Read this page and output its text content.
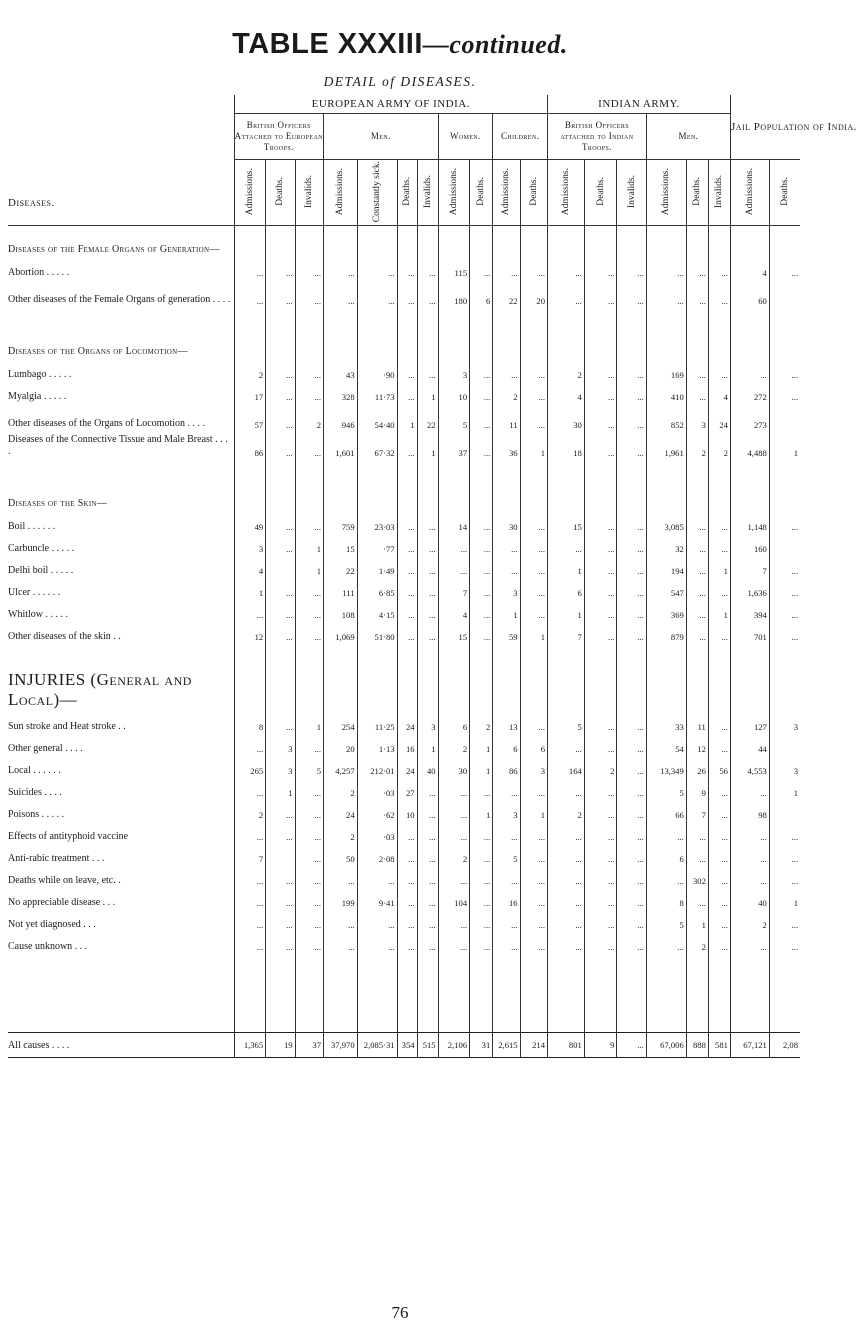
TABLE XXXIII—continued.
DETAIL of DISEASES.
Diseases.	EUROPEAN ARMY OF INDIA.											INDIAN ARMY.						Jail Population of India.	
	British Officers Attached to European Troops.			Men.				Women.		Children.		British Officers attached to Indian Troops.			Men.				
	Admissions.	Deaths.	Invalids.	Admissions.	Constantly sick.	Deaths.	Invalids.	Admissions.	Deaths.	Admissions.	Deaths.	Admissions.	Deaths.	Invalids.	Admissions.	Deaths.	Invalids.	Admissions.	Deaths.
Diseases of the Female Organs of Generation—																			
Abortion . . . . .	...	...	...	...	...	...	...	115	...	...	...	...	...	...	...	...	...	4	...
Other diseases of the Female Organs of generation . . . .	...	...	...	...	...	...	...	180	6	22	20	...	...	...	...	...	...	60	

Diseases of the Organs of Locomotion—																			
Lumbago . . . . .	2	...	...	43	·90	...	...	3	...	...	...	2	...	...	169	...	...	...	...
Myalgia . . . . .	17	...	...	328	11·73	...	1	10	...	2	...	4	...	...	410	...	4	272	...
Other diseases of the Organs of Locomotion . . . .	57	...	2	946	54·40	1	22	5	...	11	...	30	...	...	852	3	24	273	
Diseases of the Connective Tissue and Male Breast . . . .	86	...	...	1,601	67·32	...	1	37	...	36	1	18	...	...	1,961	2	2	4,488	1

Diseases of the Skin—																			
Boil . . . . . .	49	...	...	759	23·03	...	...	14	...	30	...	15	...	...	3,085	...	...	1,148	...
Carbuncle . . . . .	3	...	1	15	·77	...	...	...	...	...	...	...	...	...	32	...	...	160	
Delhi boil . . . . .	4		1	22	1·49	...	...	...	...	...	...	1	...	...	194	...	1	7	...
Ulcer . . . . . .	1	...	...	111	6·85	...	...	7	...	3	...	6	...	...	547	...	...	1,636	...
Whitlow . . . . .	...	...	...	108	4·15	...	...	4	...	1	...	1	...	...	369	...	1	394	...
Other diseases of the skin . .	12	...	...	1,069	51·80	...	...	15	...	59	1	7	...	...	879	...	...	701	...

INJURIES (General and Local)—																			
Sun stroke and Heat stroke . .	8	...	1	254	11·25	24	3	6	2	13	...	5	...	...	33	11	...	127	3
Other general . . . .	...	3	...	20	1·13	16	1	2	1	6	6	...	...	...	54	12	...	44	
Local . . . . . .	265	3	5	4,257	212·01	24	40	30	1	86	3	164	2	...	13,349	26	56	4,553	3
Suicides . . . .	...	1	...	2	·03	27	...	...	...	...	...	...	...	...	5	9	...	...	1
Poisons . . . . .	2	...	...	24	·62	10	...	...	1	3	1	2	...	...	66	7	...	98	
Effects of antityphoid vaccine	...	...	...	2	·03	...	...	...	...	...	...	...	...	...	...	...	...	...	...
Anti-rabic treatment . . .	7		...	50	2·08	...	...	2	...	5	...	...	...	...	6	...	...	...	...
Deaths while on leave, etc. .	...	...	...	...	...	...	...	...	...	...	...	...	...	...	...	302	...	...	...
No appreciable disease . . .	...	...	...	199	9·41	...	...	104	...	16	...	...	...	...	8	...	...	40	1
Not yet diagnosed . . .	...	...	...	...	...	...	...	...	...	...	...	...	...	...	5	1	...	2	...
Cause unknown . . .	...	...	...	...	...	...	...	...	...	...	...	...	...	...	...	2	...	...	...

All causes . . . .	1,365	19	37	37,970	2,085·31	354	515	2,106	31	2,615	214	801	9	...	67,006	888	581	67,121	2,08
76
